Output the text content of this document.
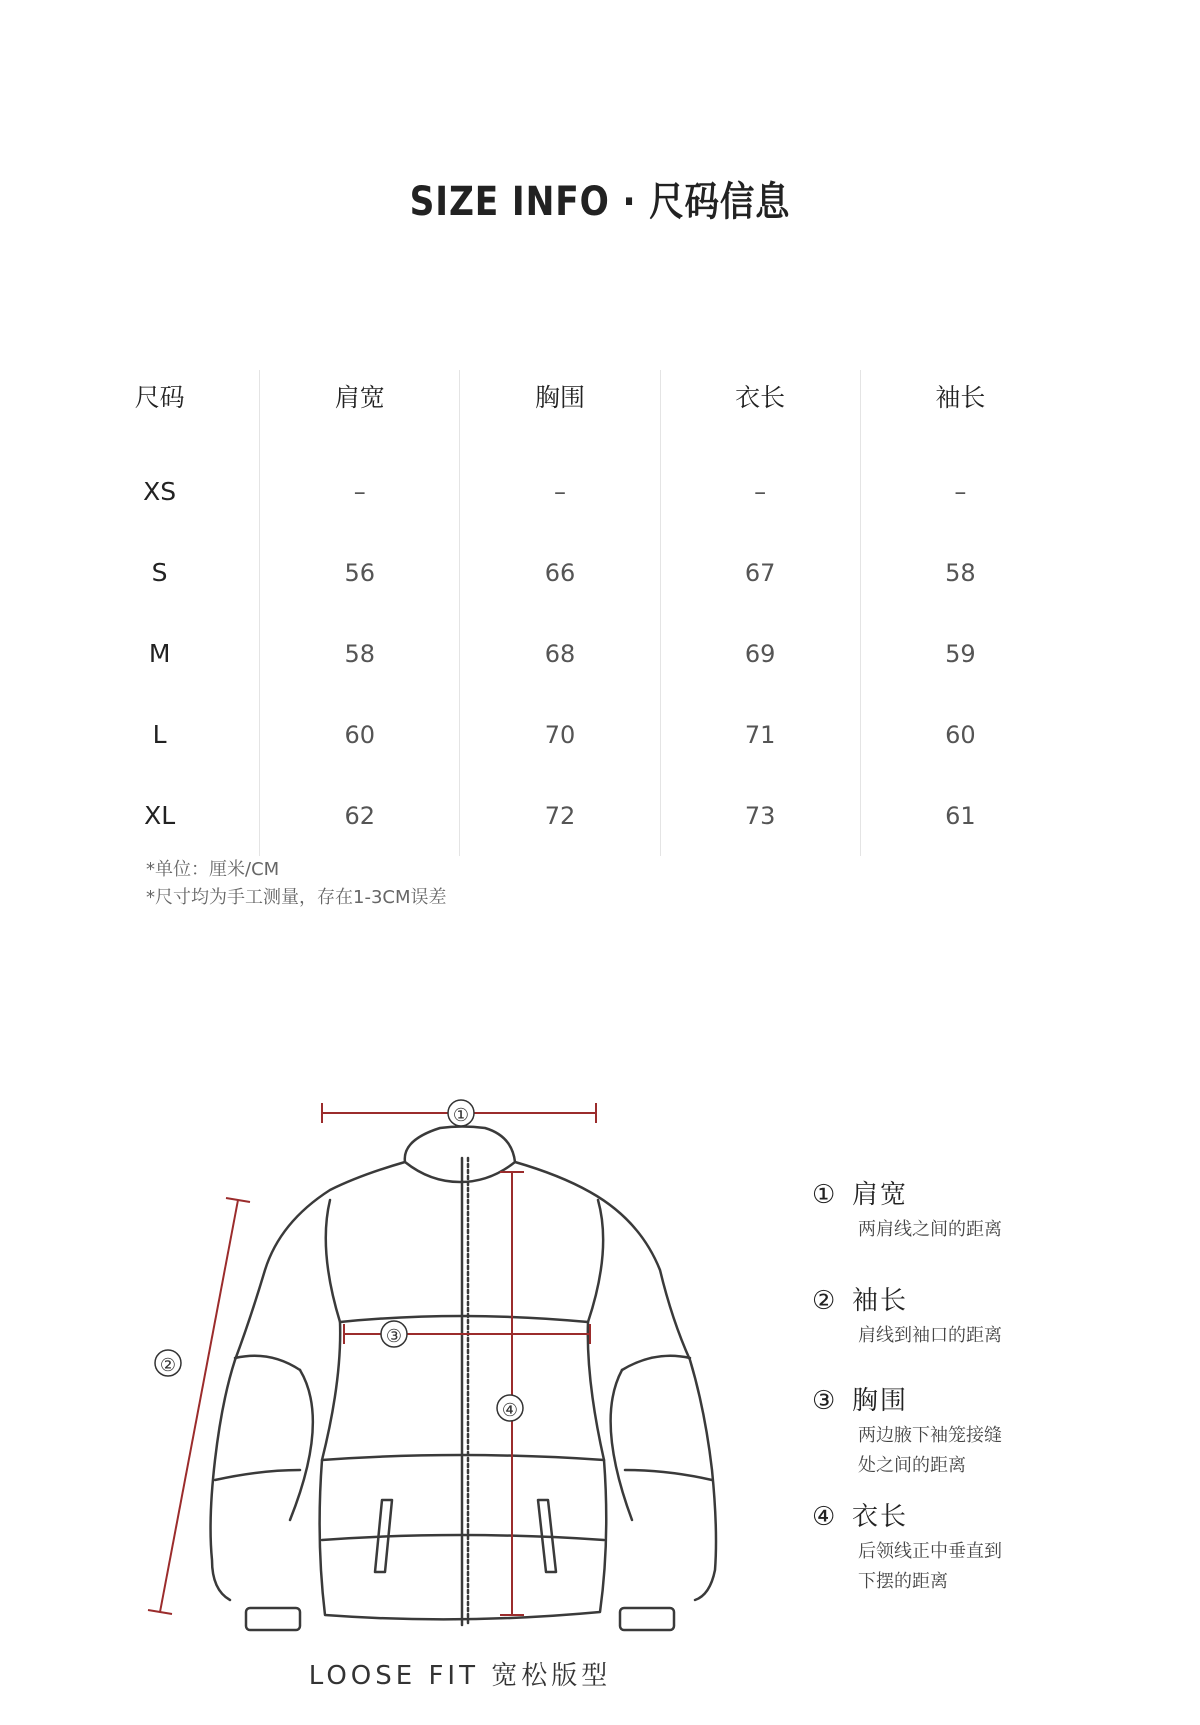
SIZE INFO · 尺码信息
尺码	肩宽	胸围	衣长	袖长
XS	–	–	–	–
S	56	66	67	58
M	58	68	69	59
L	60	70	71	60
XL	62	72	73	61
*单位：厘米/CM
*尺寸均为手工测量，存在1-3CM误差
①
②
③
④
① 肩宽
两肩线之间的距离
② 袖长
肩线到袖口的距离
③ 胸围
两边腋下袖笼接缝
处之间的距离
④ 衣长
后领线正中垂直到
下摆的距离
LOOSE FIT 宽松版型
